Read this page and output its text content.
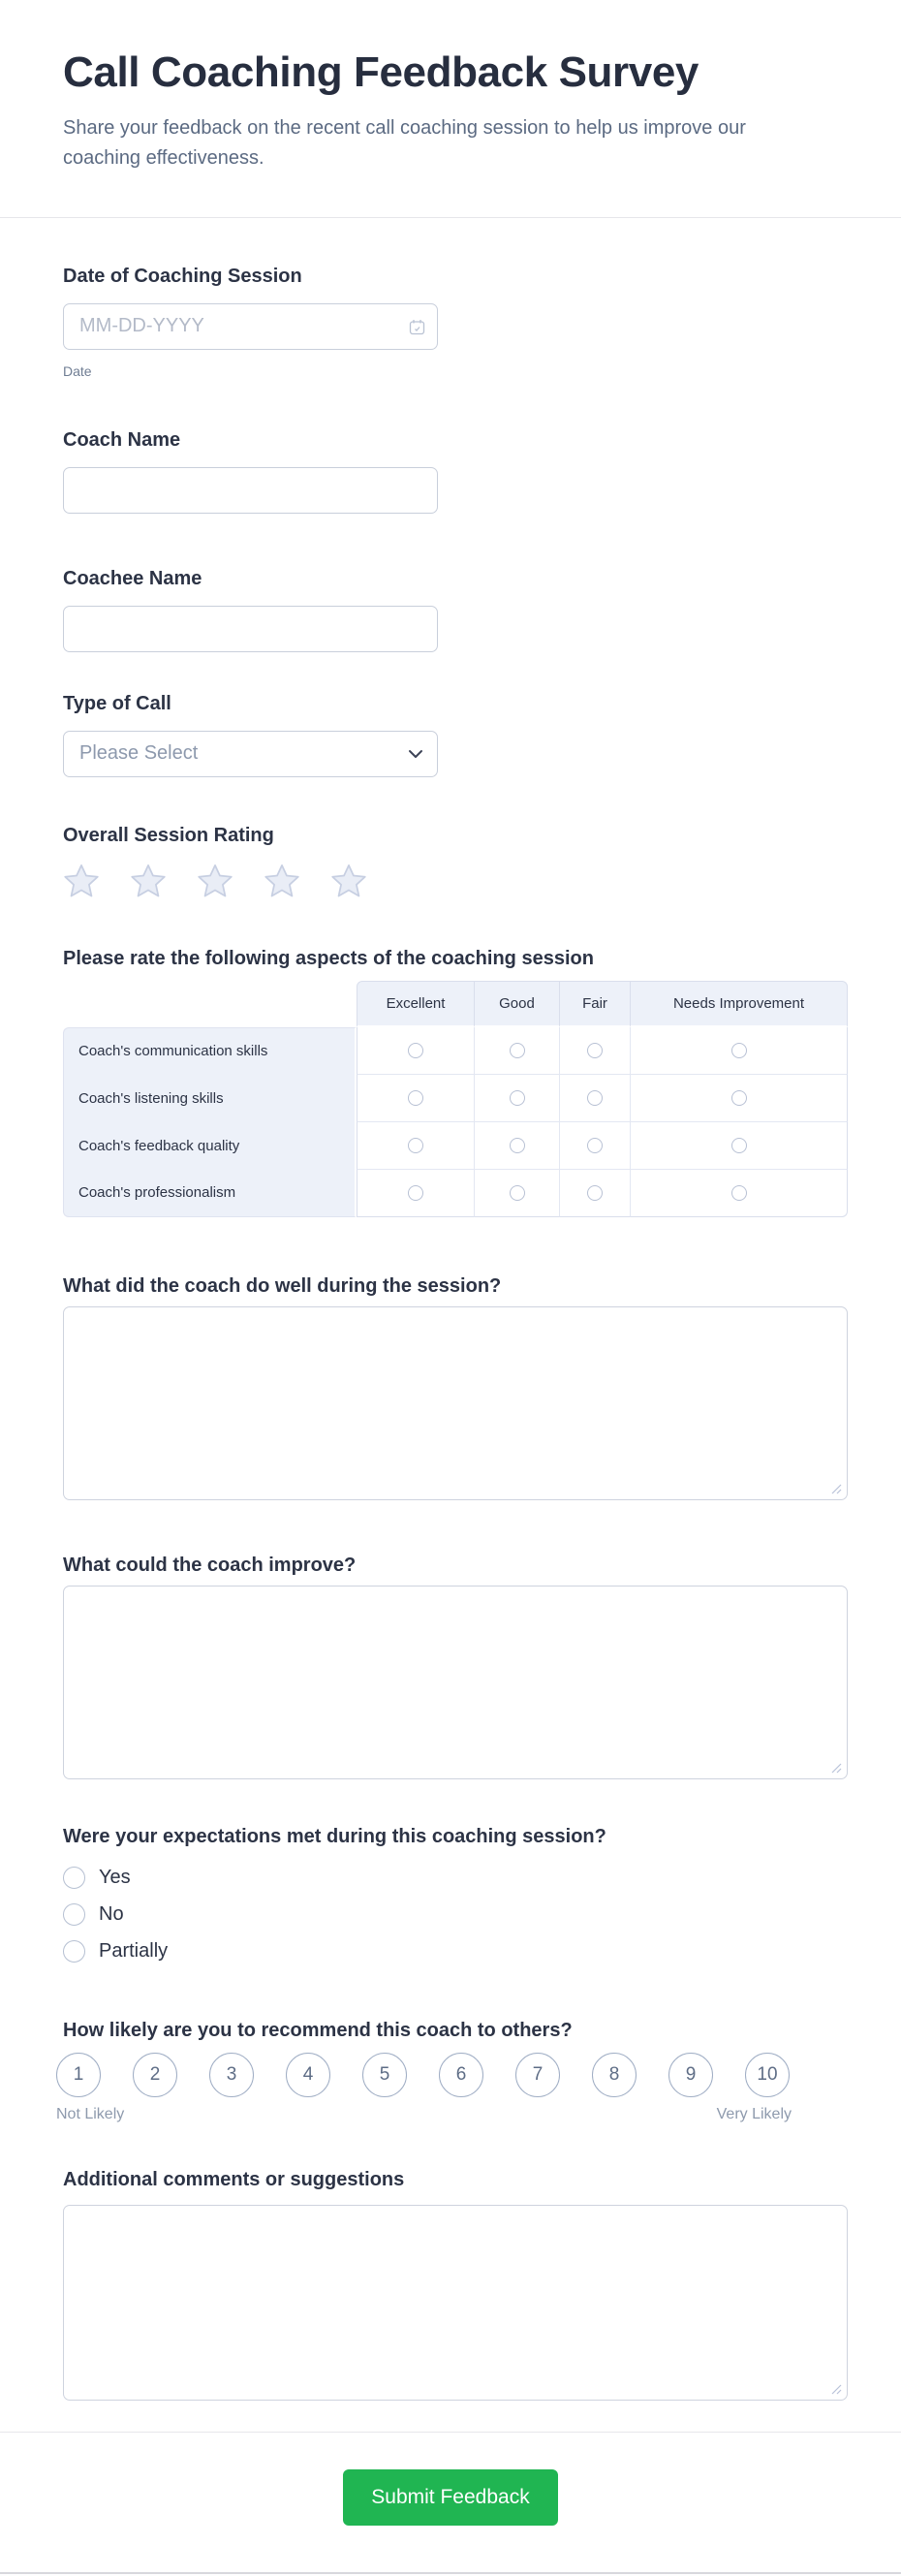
Call Coaching Feedback Survey

Share your feedback on the recent call coaching session to help us improve our coaching effectiveness.

Date of Coaching Session
MM-DD-YYYY
Date
Coach Name
Coachee Name
Type of Call
Please Select
Overall Session Rating
Please rate the following aspects of the coaching session
	Excellent	Good	Fair	Needs Improvement
Coach's communication skills				
Coach's listening skills				
Coach's feedback quality				
Coach's professionalism				
What did the coach do well during the session?
What could the coach improve?
Were your expectations met during this coaching session?
Yes
No
Partially
How likely are you to recommend this coach to others?
1	2	3	4	5	6	7	8	9	10
Not Likely	Very Likely
Additional comments or suggestions
Submit Feedback
